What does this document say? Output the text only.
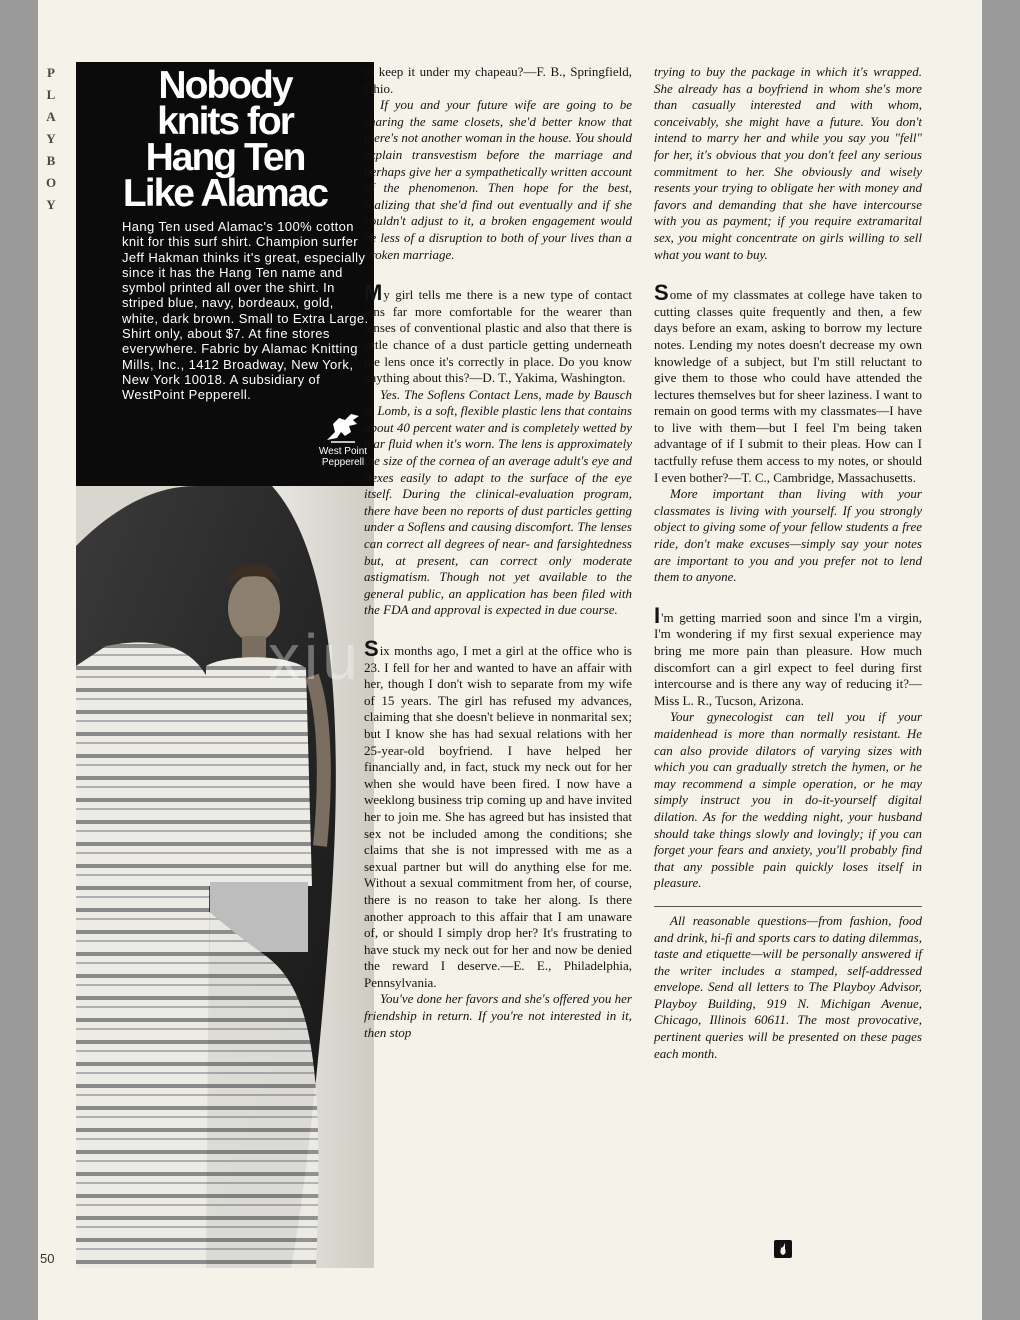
P
L
A
Y
B
O
Y
50
Nobody
knits for
Hang Ten
Like Alamac
Hang Ten used Alamac's 100% cotton knit for this surf shirt. Champion surfer Jeff Hakman thinks it's great, especially since it has the Hang Ten name and symbol printed all over the shirt. In striped blue, navy, bordeaux, gold, white, dark brown. Small to Extra Large. Shirt only, about $7. At fine stores everywhere. Fabric by Alamac Knitting Mills, Inc., 1412 Broadway, New York, New York 10018. A subsidiary of WestPoint Pepperell.
West Point
Pepperell

to keep it under my chapeau?—F. B., Springfield, Ohio.

If you and your future wife are going to be sharing the same closets, she'd better know that there's not another woman in the house. You should explain transvestism before the marriage and perhaps give her a sympathetically written account of the phenomenon. Then hope for the best, realizing that she'd find out eventually and if she couldn't adjust to it, a broken engagement would be less of a disruption to both of your lives than a broken marriage.

My girl tells me there is a new type of contact lens far more comfortable for the wearer than lenses of conventional plastic and also that there is little chance of a dust particle getting underneath the lens once it's correctly in place. Do you know anything about this?—D. T., Yakima, Washington.

Yes. The Soflens Contact Lens, made by Bausch & Lomb, is a soft, flexible plastic lens that contains about 40 percent water and is completely wetted by tear fluid when it's worn. The lens is approximately the size of the cornea of an average adult's eye and flexes easily to adapt to the surface of the eye itself. During the clinical-evaluation program, there have been no reports of dust particles getting under a Soflens and causing discomfort. The lenses can correct all degrees of near- and farsightedness but, at present, can correct only moderate astigmatism. Though not yet available to the general public, an application has been filed with the FDA and approval is expected in due course.

Six months ago, I met a girl at the office who is 23. I fell for her and wanted to have an affair with her, though I don't wish to separate from my wife of 15 years. The girl has refused my advances, claiming that she doesn't believe in nonmarital sex; but I know she has had sexual relations with her 25-year-old boyfriend. I have helped her financially and, in fact, stuck my neck out for her when she would have been fired. I now have a weeklong business trip coming up and have invited her to join me. She has agreed but has insisted that sex not be included among the conditions; she claims that she is not impressed with me as a sexual partner but will do anything else for me. Without a sexual commitment from her, of course, there is no reason to take her along. Is there another approach to this affair that I am unaware of, or should I simply drop her? It's frustrating to have stuck my neck out for her and now be denied the reward I deserve.—E. E., Philadelphia, Pennsylvania.

You've done her favors and she's offered you her friendship in return. If you're not interested in it, then stop

trying to buy the package in which it's wrapped. She already has a boyfriend in whom she's more than casually interested and with whom, conceivably, she might have a future. You don't intend to marry her and while you say you "fell" for her, it's obvious that you don't feel any serious commitment to her. She obviously and wisely resents your trying to obligate her with money and favors and demanding that she have intercourse with you as payment; if you require extramarital sex, you might concentrate on girls willing to sell what you want to buy.

Some of my classmates at college have taken to cutting classes quite frequently and then, a few days before an exam, asking to borrow my lecture notes. Lending my notes doesn't decrease my own knowledge of a subject, but I'm still reluctant to give them to those who could have attended the lectures themselves but for sheer laziness. I want to remain on good terms with my classmates—I have to live with them—but I feel I'm being taken advantage of if I submit to their pleas. How can I tactfully refuse them access to my notes, or should I even bother?—T. C., Cambridge, Massachusetts.

More important than living with your classmates is living with yourself. If you strongly object to giving some of your fellow students a free ride, don't make excuses—simply say your notes are important to you and you prefer not to lend them to anyone.

I'm getting married soon and since I'm a virgin, I'm wondering if my first sexual experience may bring me more pain than pleasure. How much discomfort can a girl expect to feel during first intercourse and is there any way of reducing it?—Miss L. R., Tucson, Arizona.

Your gynecologist can tell you if your maidenhead is more than normally resistant. He can also provide dilators of varying sizes with which you can gradually stretch the hymen, or he may recommend a simple operation, or he may simply instruct you in do-it-yourself digital dilation. As for the wedding night, your husband should take things slowly and lovingly; if you can forget your fears and anxiety, you'll probably find that any possible pain quickly loses itself in pleasure.

All reasonable questions—from fashion, food and drink, hi-fi and sports cars to dating dilemmas, taste and etiquette—will be personally answered if the writer includes a stamped, self-addressed envelope. Send all letters to The Playboy Advisor, Playboy Building, 919 N. Michigan Avenue, Chicago, Illinois 60611. The most provocative, pertinent queries will be presented on these pages each month.

xiu
